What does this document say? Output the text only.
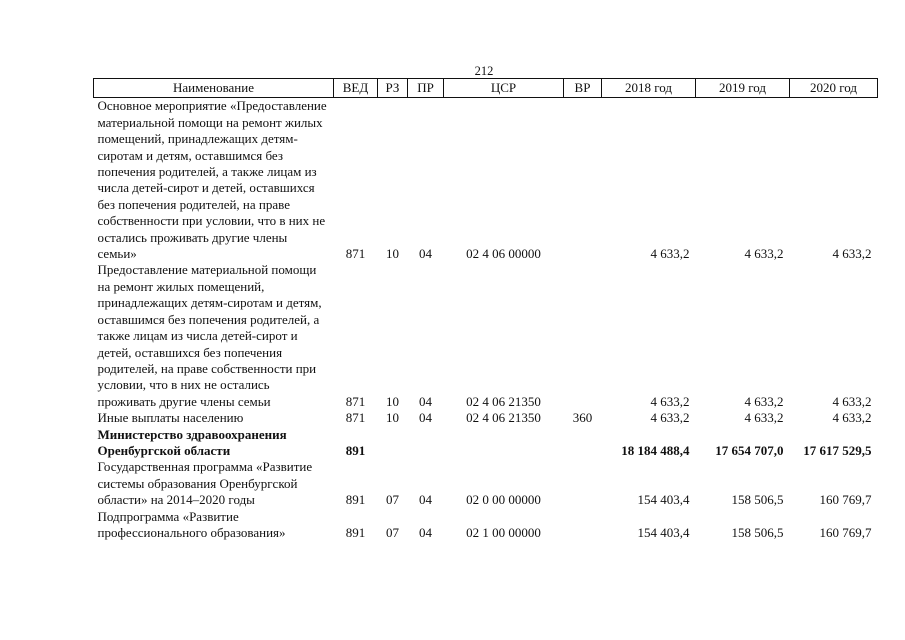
212
Наименование	ВЕД	РЗ	ПР	ЦСР	ВР	2018 год	2019 год	2020 год
Основное мероприятие «Предоставление материальной помощи на ремонт жилых помещений, принадлежащих детям-сиротам и детям, оставшимся без попечения родителей, а также лицам из числа детей-сирот и детей, оставшихся без попечения родителей, на праве собственности при условии, что в них не остались проживать другие члены семьи»	871	10	04	02 4 06 00000		4 633,2	4 633,2	4 633,2
Предоставление материальной помощи на ремонт жилых помещений, принадлежащих детям-сиротам и детям, оставшимся без попечения родителей, а также лицам из числа детей-сирот и детей, оставшихся без попечения родителей, на праве собственности при условии, что в них не остались проживать другие члены семьи	871	10	04	02 4 06 21350		4 633,2	4 633,2	4 633,2
Иные выплаты населению	871	10	04	02 4 06 21350	360	4 633,2	4 633,2	4 633,2
Министерство здравоохранения Оренбургской области	891					18 184 488,4	17 654 707,0	17 617 529,5
Государственная программа «Развитие системы образования Оренбургской области» на 2014–2020 годы	891	07	04	02 0 00 00000		154 403,4	158 506,5	160 769,7
Подпрограмма «Развитие профессионального образования»	891	07	04	02 1 00 00000		154 403,4	158 506,5	160 769,7
